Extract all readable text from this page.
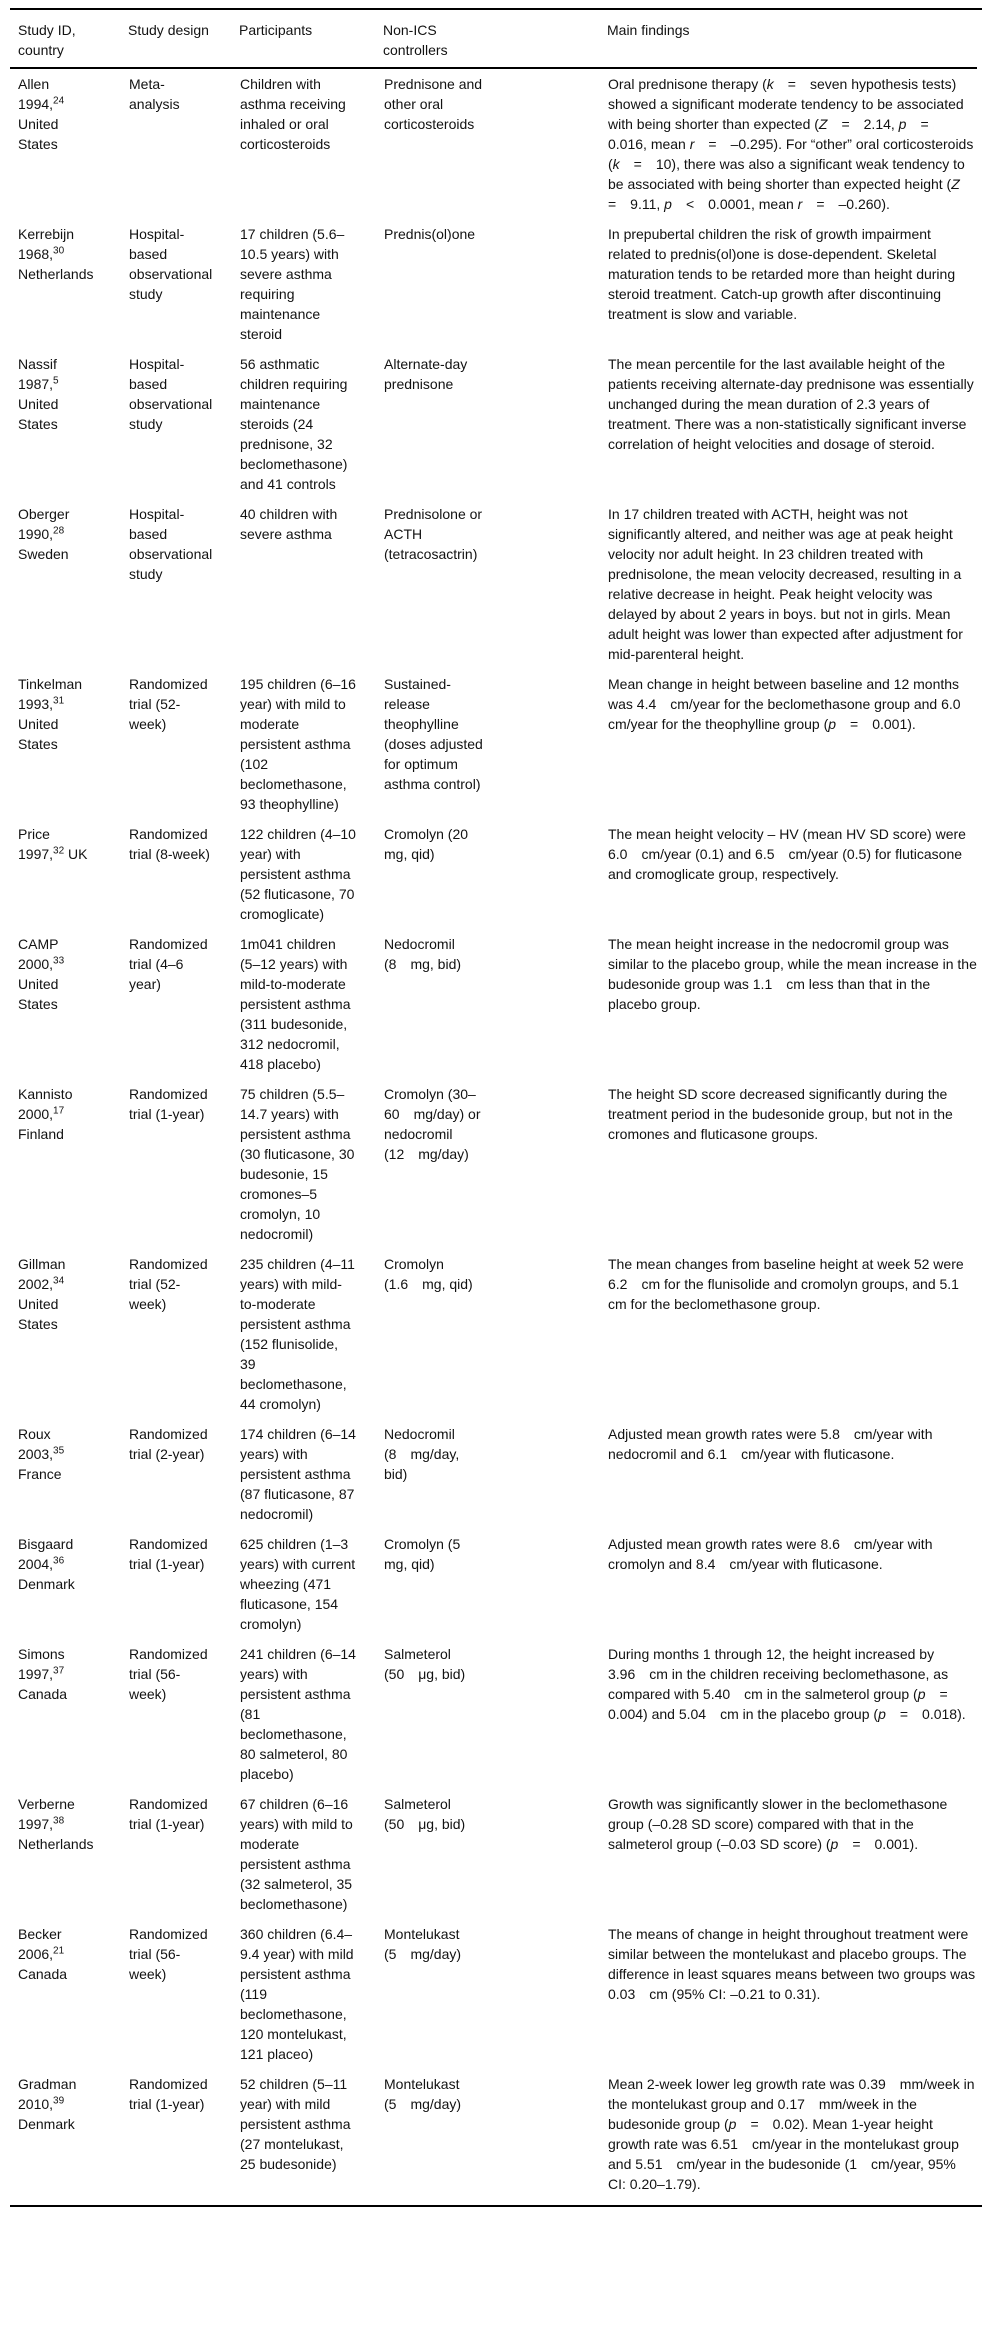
Study ID, country	Study design	Participants	Non-ICS controllers	Main findings
Allen 1994,24 United States	Meta-analysis	Children with asthma receiving inhaled or oral corticosteroids	Prednisone and other oral corticosteroids	Oral prednisone therapy (k = seven hypothesis tests) showed a significant moderate tendency to be associated with being shorter than expected (Z = 2.14, p = 0.016, mean r = –0.295). For “other” oral corticosteroids (k = 10), there was also a significant weak tendency to be associated with being shorter than expected height (Z = 9.11, p < 0.0001, mean r = –0.260).
Kerrebijn 1968,30 Netherlands	Hospital-based observational study	17 children (5.6–10.5 years) with severe asthma requiring maintenance steroid	Prednis(ol)one	In prepubertal children the risk of growth impairment related to prednis(ol)one is dose-dependent. Skeletal maturation tends to be retarded more than height during steroid treatment. Catch-up growth after discontinuing treatment is slow and variable.
Nassif 1987,$^5$ United States	Hospital-based observational study	56 asthmatic children requiring maintenance steroids (24 prednisone, 32 beclomethasone) and 41 controls	Alternate-day prednisone	The mean percentile for the last available height of the patients receiving alternate-day prednisone was essentially unchanged during the mean duration of 2.3 years of treatment. There was a non-statistically significant inverse correlation of height velocities and dosage of steroid.
Oberger 1990,28 Sweden	Hospital-based observational study	40 children with severe asthma	Prednisolone or ACTH (tetracosactrin)	In 17 children treated with ACTH, height was not significantly altered, and neither was age at peak height velocity nor adult height. In 23 children treated with prednisolone, the mean velocity decreased, resulting in a relative decrease in height. Peak height velocity was delayed by about 2 years in boys. but not in girls. Mean adult height was lower than expected after adjustment for mid-parenteral height.
Tinkelman 1993,31 United States	Randomized trial (52-week)	195 children (6–16 year) with mild to moderate persistent asthma (102 beclomethasone, 93 theophylline)	Sustained-release theophylline (doses adjusted for optimum asthma control)	Mean change in height between baseline and 12 months was 4.4 cm/year for the beclomethasone group and 6.0 cm/year for the theophylline group (p = 0.001).
Price 1997,32 UK	Randomized trial (8-week)	122 children (4–10 year) with persistent asthma (52 fluticasone, 70 cromoglicate)	Cromolyn (20 mg, qid)	The mean height velocity – HV (mean HV SD score) were 6.0 cm/year (0.1) and 6.5 cm/year (0.5) for fluticasone and cromoglicate group, respectively.
CAMP 2000,33 United States	Randomized trial (4–6 year)	1m041 children (5–12 years) with mild-to-moderate persistent asthma (311 budesonide, 312 nedocromil, 418 placebo)	Nedocromil (8 mg, bid)	The mean height increase in the nedocromil group was similar to the placebo group, while the mean increase in the budesonide group was 1.1 cm less than that in the placebo group.
Kannisto 2000,17 Finland	Randomized trial (1-year)	75 children (5.5–14.7 years) with persistent asthma (30 fluticasone, 30 budesonie, 15 cromones–5 cromolyn, 10 nedocromil)	Cromolyn (30–60 mg/day) or nedocromil (12 mg/day)	The height SD score decreased significantly during the treatment period in the budesonide group, but not in the cromones and fluticasone groups.
Gillman 2002,34 United States	Randomized trial (52-week)	235 children (4–11 years) with mild-to-moderate persistent asthma (152 flunisolide, 39 beclomethasone, 44 cromolyn)	Cromolyn (1.6 mg, qid)	The mean changes from baseline height at week 52 were 6.2 cm for the flunisolide and cromolyn groups, and 5.1 cm for the beclomethasone group.
Roux 2003,35 France	Randomized trial (2-year)	174 children (6–14 years) with persistent asthma (87 fluticasone, 87 nedocromil)	Nedocromil (8 mg/day, bid)	Adjusted mean growth rates were 5.8 cm/year with nedocromil and 6.1 cm/year with fluticasone.
Bisgaard 2004,36 Denmark	Randomized trial (1-year)	625 children (1–3 years) with current wheezing (471 fluticasone, 154 cromolyn)	Cromolyn (5 mg, qid)	Adjusted mean growth rates were 8.6 cm/year with cromolyn and 8.4 cm/year with fluticasone.
Simons 1997,37 Canada	Randomized trial (56-week)	241 children (6–14 years) with persistent asthma (81 beclomethasone, 80 salmeterol, 80 placebo)	Salmeterol (50 μg, bid)	During months 1 through 12, the height increased by 3.96 cm in the children receiving beclomethasone, as compared with 5.40 cm in the salmeterol group (p = 0.004) and 5.04 cm in the placebo group (p = 0.018).
Verberne 1997,38 Netherlands	Randomized trial (1-year)	67 children (6–16 years) with mild to moderate persistent asthma (32 salmeterol, 35 beclomethasone)	Salmeterol (50 μg, bid)	Growth was significantly slower in the beclomethasone group (–0.28 SD score) compared with that in the salmeterol group (–0.03 SD score) (p = 0.001).
Becker 2006,21 Canada	Randomized trial (56-week)	360 children (6.4–9.4 year) with mild persistent asthma (119 beclomethasone, 120 montelukast, 121 placeo)	Montelukast (5 mg/day)	The means of change in height throughout treatment were similar between the montelukast and placebo groups. The difference in least squares means between two groups was 0.03 cm (95% CI: –0.21 to 0.31).
Gradman 2010,39 Denmark	Randomized trial (1-year)	52 children (5–11 year) with mild persistent asthma (27 montelukast, 25 budesonide)	Montelukast (5 mg/day)	Mean 2-week lower leg growth rate was 0.39 mm/week in the montelukast group and 0.17 mm/week in the budesonide group (p = 0.02). Mean 1-year height growth rate was 6.51 cm/year in the montelukast group and 5.51 cm/year in the budesonide (1 cm/year, 95% CI: 0.20–1.79).
